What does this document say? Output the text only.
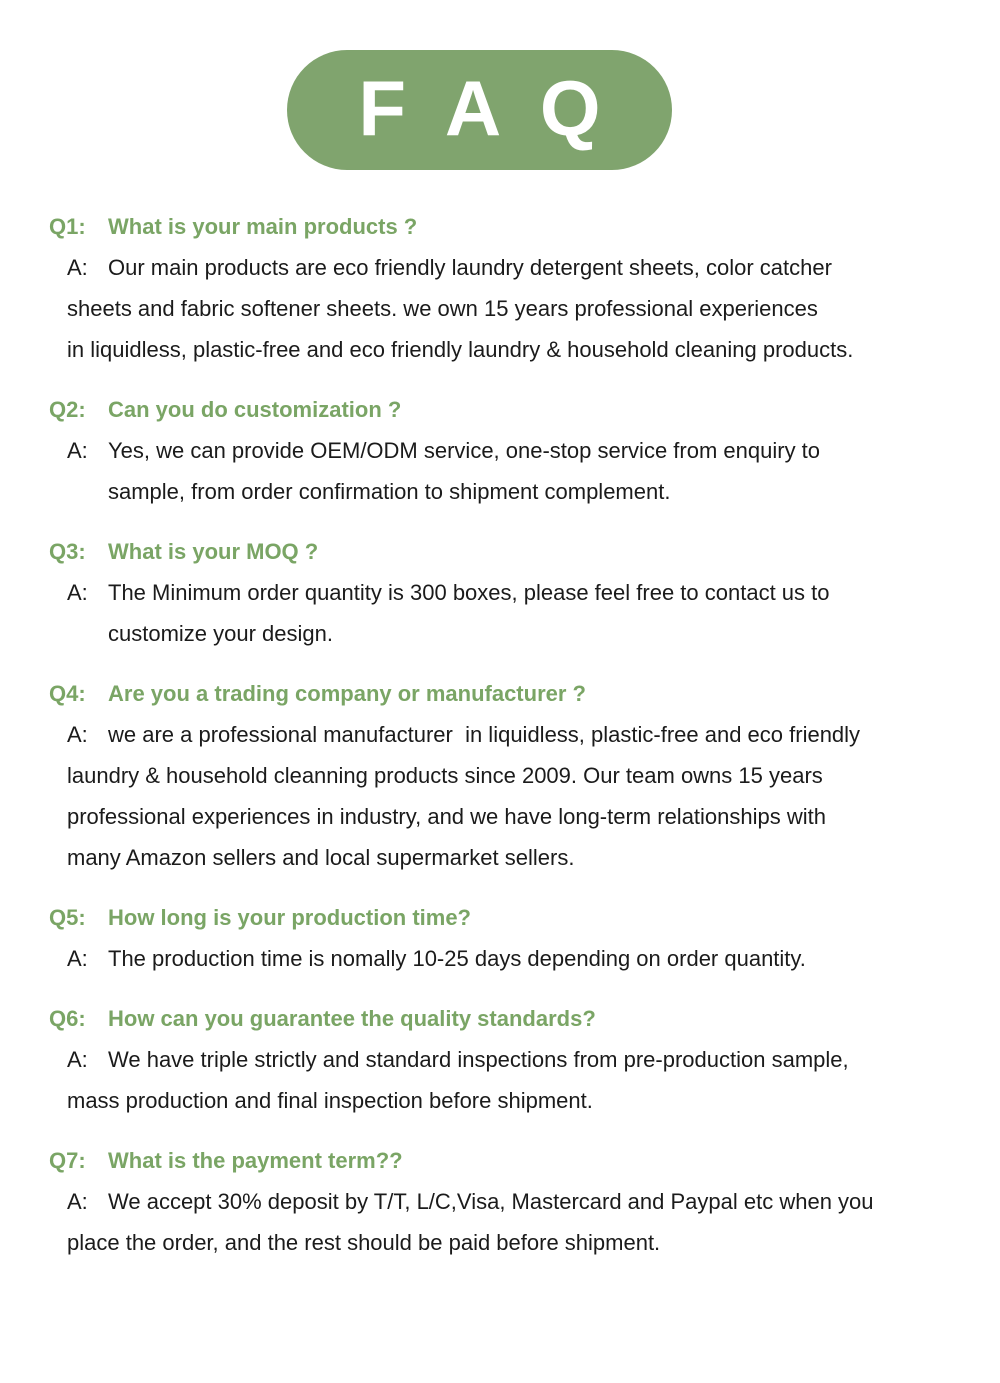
F A Q
Q1: What is your main products ?
A: Our main products are eco friendly laundry detergent sheets, color catcher
sheets and fabric softener sheets. we own 15 years professional experiences
in liquidless, plastic-free and eco friendly laundry & household cleaning products.
Q2: Can you do customization ?
A: Yes, we can provide OEM/ODM service, one-stop service from enquiry to
sample, from order confirmation to shipment complement.
Q3: What is your MOQ ?
A: The Minimum order quantity is 300 boxes, please feel free to contact us to
customize your design.
Q4: Are you a trading company or manufacturer ?
A: we are a professional manufacturer  in liquidless, plastic-free and eco friendly
laundry & household cleanning products since 2009. Our team owns 15 years
professional experiences in industry, and we have long-term relationships with
many Amazon sellers and local supermarket sellers.
Q5: How long is your production time?
A: The production time is nomally 10-25 days depending on order quantity.
Q6: How can you guarantee the quality standards?
A: We have triple strictly and standard inspections from pre-production sample,
mass production and final inspection before shipment.
Q7: What is the payment term??
A: We accept 30% deposit by T/T, L/C,Visa, Mastercard and Paypal etc when you
place the order, and the rest should be paid before shipment.
